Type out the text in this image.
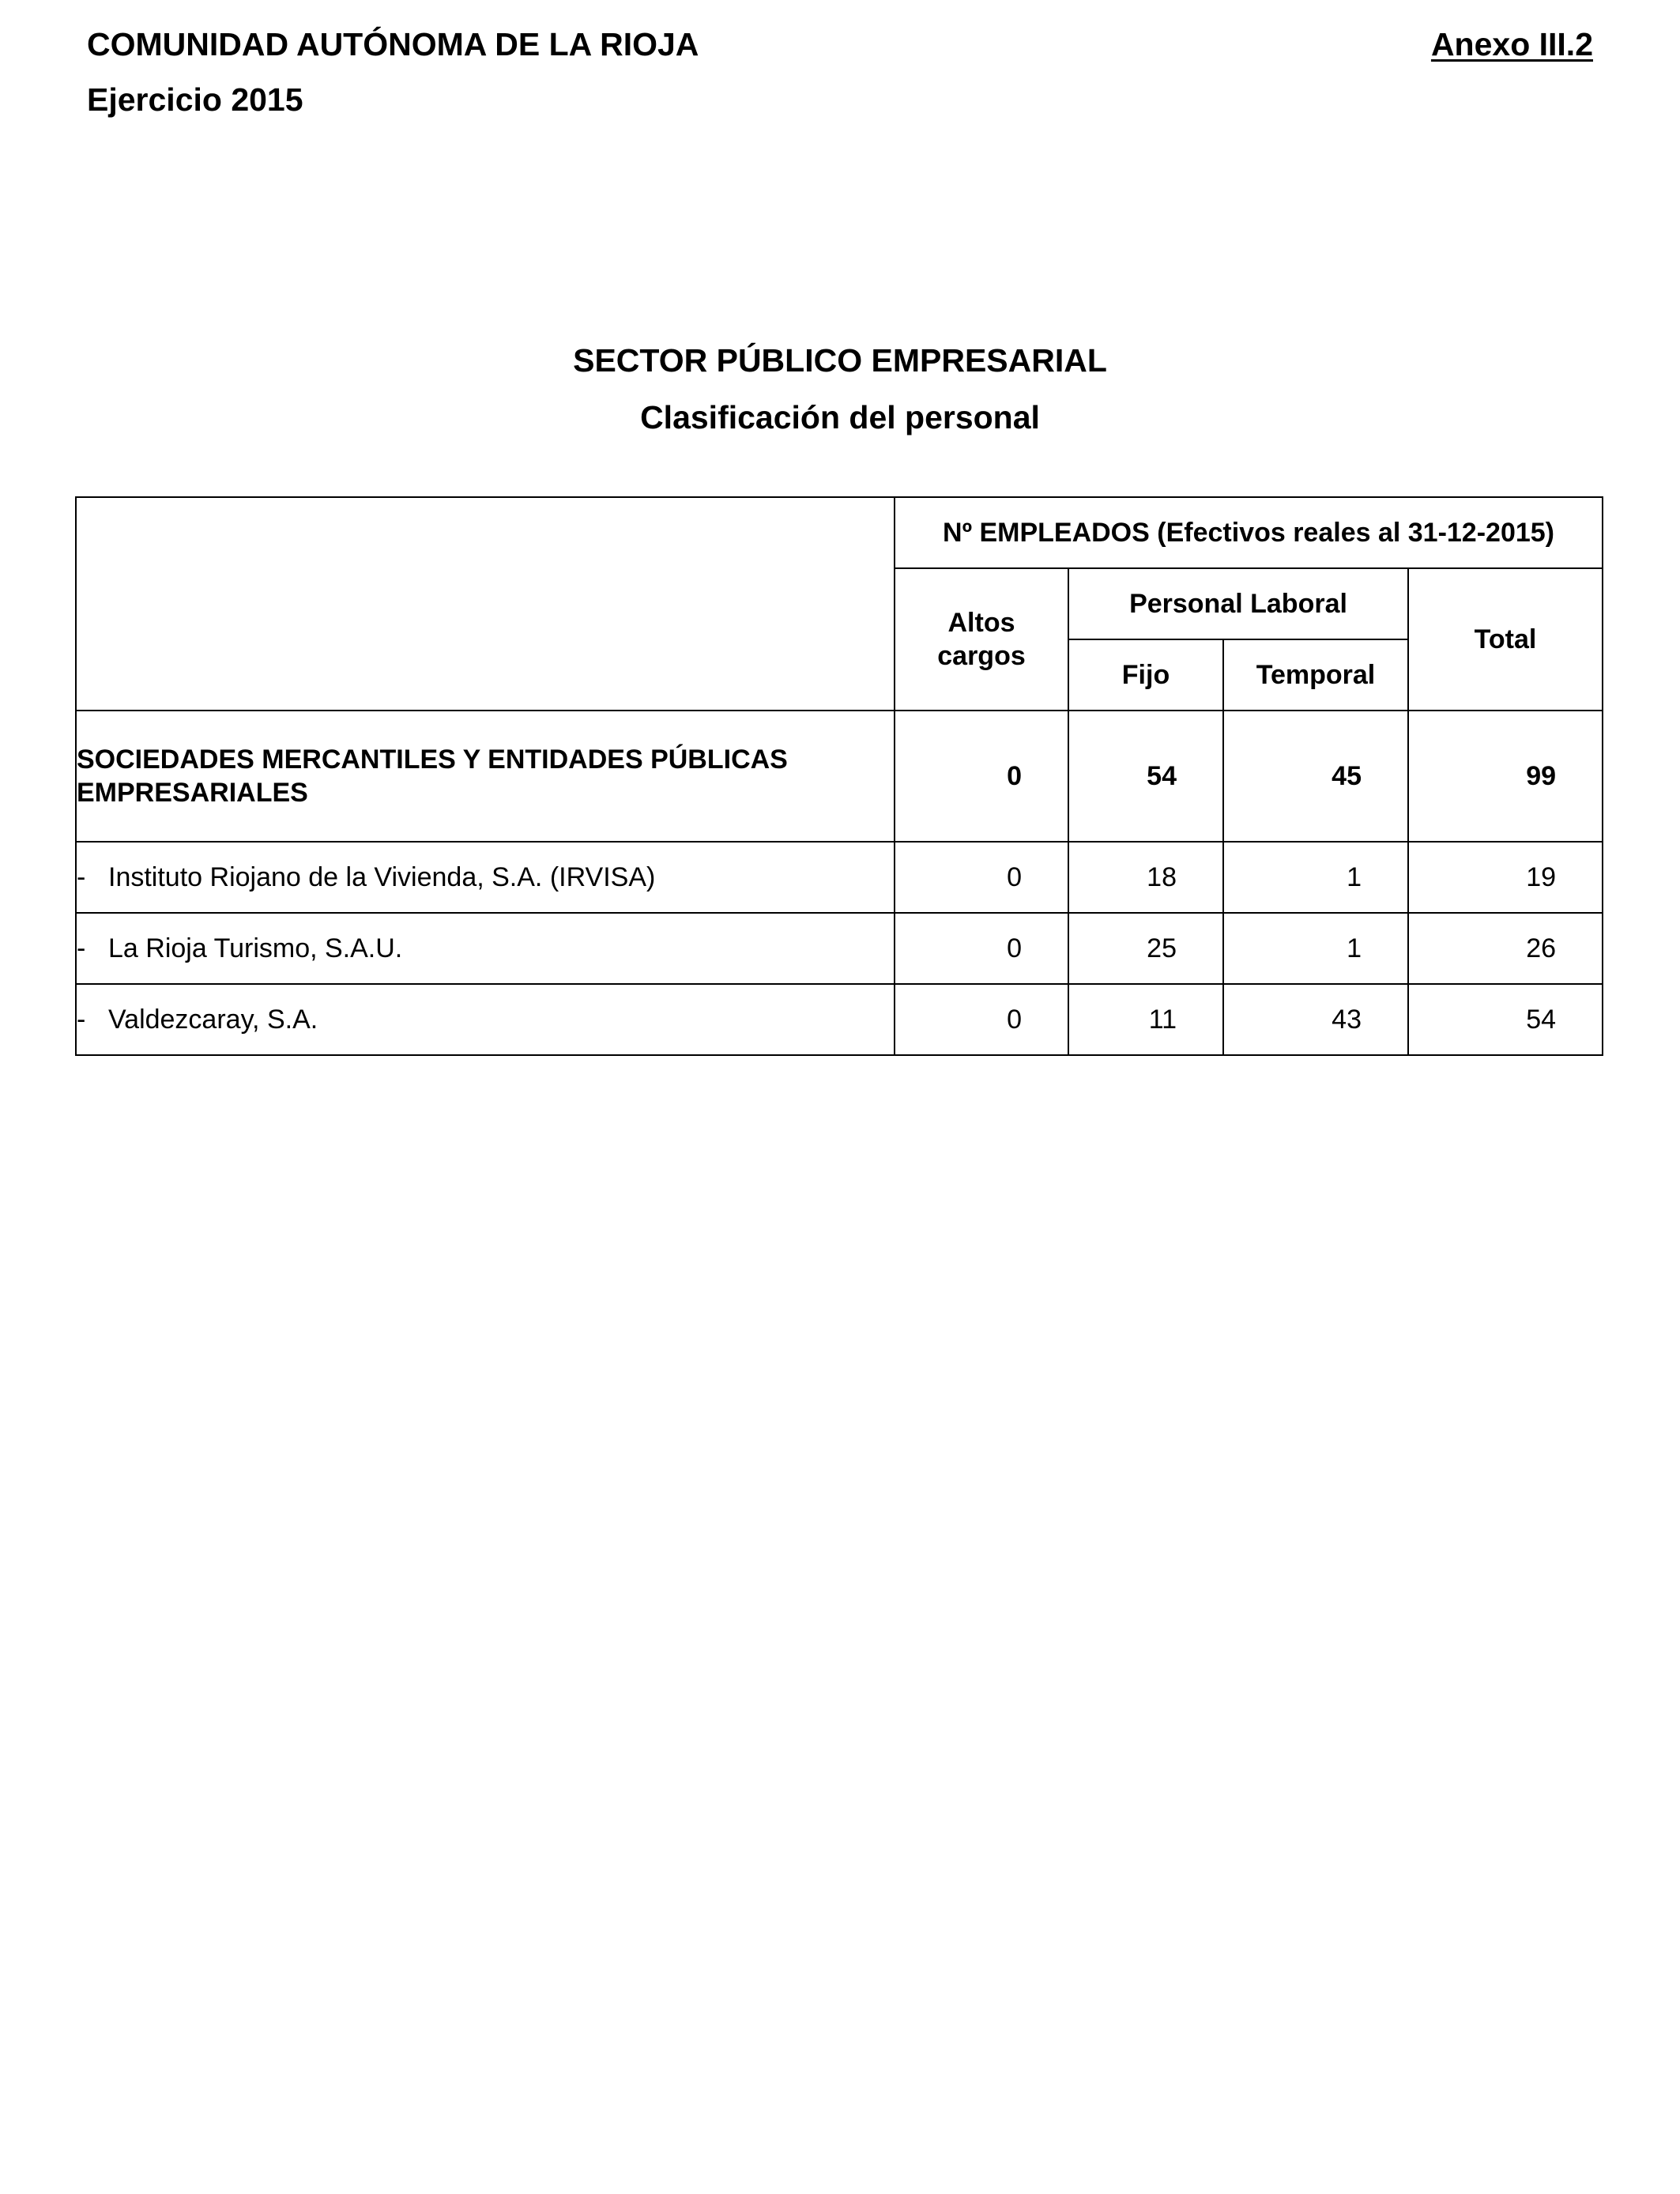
COMUNIDAD AUTÓNOMA DE LA RIOJA
Ejercicio 2015
Anexo III.2
SECTOR PÚBLICO EMPRESARIAL
Clasificación del personal
	Nº EMPLEADOS (Efectivos reales al 31-12-2015)			
	Altos cargos	Personal Laboral		Total
		Fijo	Temporal	
SOCIEDADES MERCANTILES Y ENTIDADES PÚBLICAS EMPRESARIALES	0	54	45	99
- Instituto Riojano de la Vivienda, S.A. (IRVISA)	0	18	1	19
- La Rioja Turismo, S.A.U.	0	25	1	26
- Valdezcaray, S.A.	0	11	43	54
